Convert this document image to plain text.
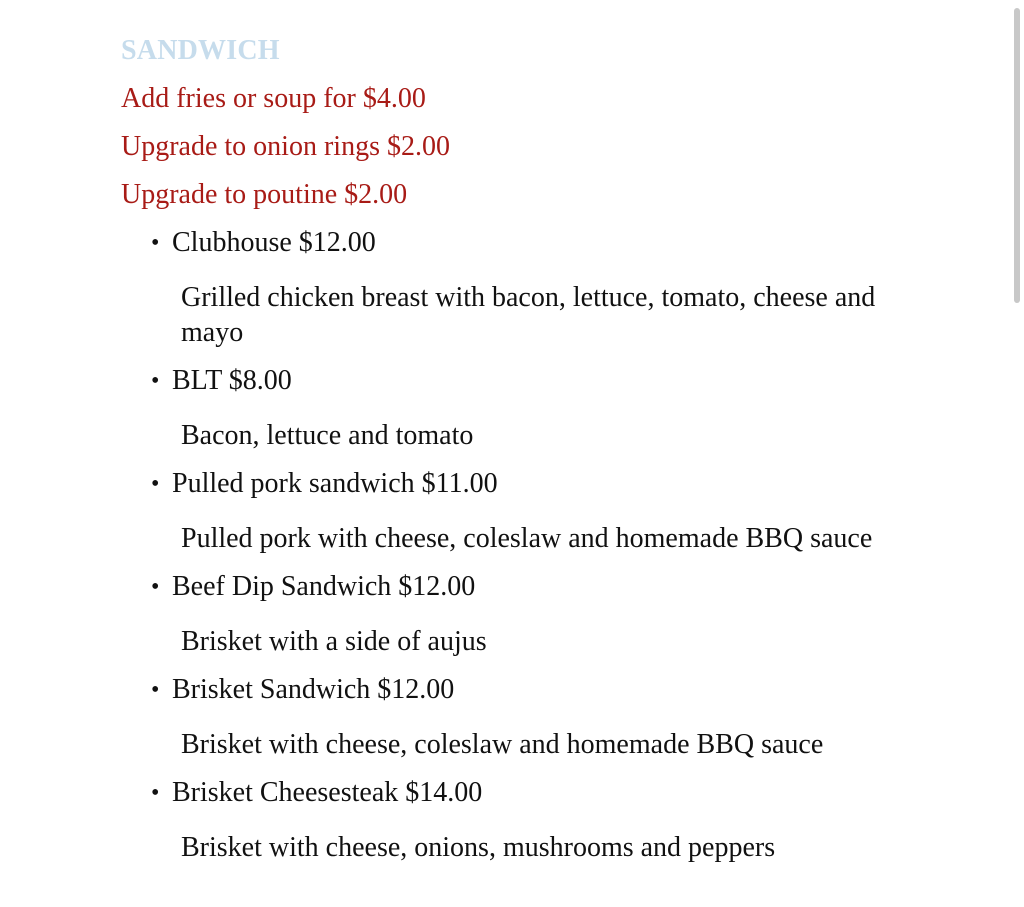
SANDWICH
Add fries or soup for $4.00
Upgrade to onion rings $2.00
Upgrade to poutine $2.00
• Clubhouse $12.00
Grilled chicken breast with bacon, lettuce, tomato, cheese and mayo
• BLT $8.00
Bacon, lettuce and tomato
• Pulled pork sandwich $11.00
Pulled pork with cheese, coleslaw and homemade BBQ sauce
• Beef Dip Sandwich $12.00
Brisket with a side of aujus
• Brisket Sandwich $12.00
Brisket with cheese, coleslaw and homemade BBQ sauce
• Brisket Cheesesteak $14.00
Brisket with cheese, onions, mushrooms and peppers
